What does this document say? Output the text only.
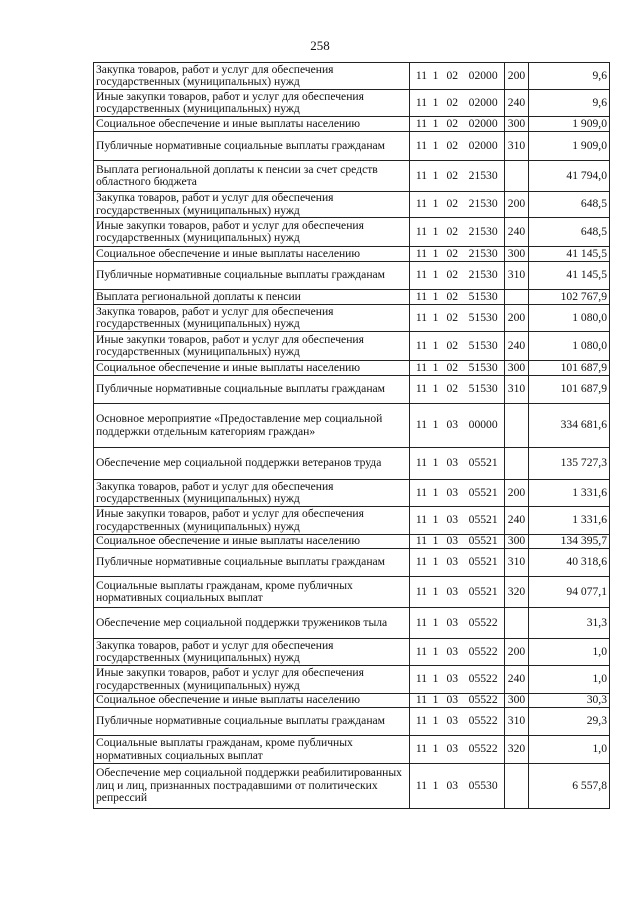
258
Закупка товаров, работ и услуг для обеспечения государственных (муниципальных) нужд	11 1 02 02000	200	9,6
Иные закупки товаров, работ и услуг для обеспечения государственных (муниципальных) нужд	11 1 02 02000	240	9,6
Социальное обеспечение и иные выплаты населению	11 1 02 02000	300	1 909,0
Публичные нормативные социальные выплаты гражданам	11 1 02 02000	310	1 909,0
Выплата региональной доплаты к пенсии за счет средств областного бюджета	11 1 02 21530		41 794,0
Закупка товаров, работ и услуг для обеспечения государственных (муниципальных) нужд	11 1 02 21530	200	648,5
Иные закупки товаров, работ и услуг для обеспечения государственных (муниципальных) нужд	11 1 02 21530	240	648,5
Социальное обеспечение и иные выплаты населению	11 1 02 21530	300	41 145,5
Публичные нормативные социальные выплаты гражданам	11 1 02 21530	310	41 145,5
Выплата региональной доплаты к пенсии	11 1 02 51530		102 767,9
Закупка товаров, работ и услуг для обеспечения государственных (муниципальных) нужд	11 1 02 51530	200	1 080,0
Иные закупки товаров, работ и услуг для обеспечения государственных (муниципальных) нужд	11 1 02 51530	240	1 080,0
Социальное обеспечение и иные выплаты населению	11 1 02 51530	300	101 687,9
Публичные нормативные социальные выплаты гражданам	11 1 02 51530	310	101 687,9
Основное мероприятие «Предоставление мер социальной поддержки отдельным категориям граждан»	11 1 03 00000		334 681,6
Обеспечение мер социальной поддержки ветеранов труда	11 1 03 05521		135 727,3
Закупка товаров, работ и услуг для обеспечения государственных (муниципальных) нужд	11 1 03 05521	200	1 331,6
Иные закупки товаров, работ и услуг для обеспечения государственных (муниципальных) нужд	11 1 03 05521	240	1 331,6
Социальное обеспечение и иные выплаты населению	11 1 03 05521	300	134 395,7
Публичные нормативные социальные выплаты гражданам	11 1 03 05521	310	40 318,6
Социальные выплаты гражданам, кроме публичных нормативных социальных выплат	11 1 03 05521	320	94 077,1
Обеспечение мер социальной поддержки тружеников тыла	11 1 03 05522		31,3
Закупка товаров, работ и услуг для обеспечения государственных (муниципальных) нужд	11 1 03 05522	200	1,0
Иные закупки товаров, работ и услуг для обеспечения государственных (муниципальных) нужд	11 1 03 05522	240	1,0
Социальное обеспечение и иные выплаты населению	11 1 03 05522	300	30,3
Публичные нормативные социальные выплаты гражданам	11 1 03 05522	310	29,3
Социальные выплаты гражданам, кроме публичных нормативных социальных выплат	11 1 03 05522	320	1,0
Обеспечение мер социальной поддержки реабилитированных лиц и лиц, признанных пострадавшими от политических репрессий	11 1 03 05530		6 557,8
